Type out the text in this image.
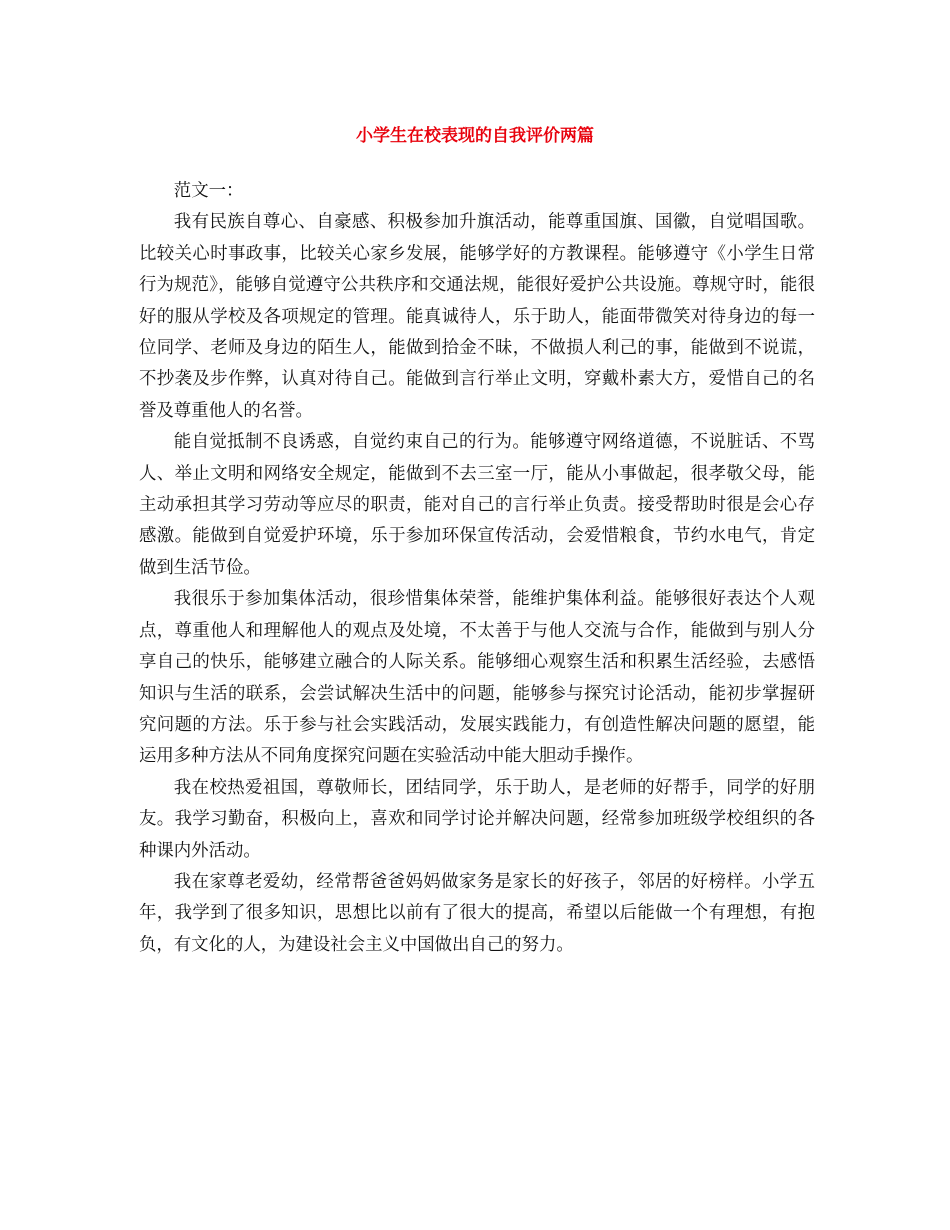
小学生在校表现的自我评价两篇

范文一：

我有民族自尊心、自豪感、积极参加升旗活动，能尊重国旗、国徽，自觉唱国歌。比较关心时事政事，比较关心家乡发展，能够学好的方教课程。能够遵守《小学生日常行为规范》，能够自觉遵守公共秩序和交通法规，能很好爱护公共设施。尊规守时，能很好的服从学校及各项规定的管理。能真诚待人，乐于助人，能面带微笑对待身边的每一位同学、老师及身边的陌生人，能做到拾金不昧，不做损人利己的事，能做到不说谎，不抄袭及步作弊，认真对待自己。能做到言行举止文明，穿戴朴素大方，爱惜自己的名誉及尊重他人的名誉。

能自觉抵制不良诱惑，自觉约束自己的行为。能够遵守网络道德，不说脏话、不骂人、举止文明和网络安全规定，能做到不去三室一厅，能从小事做起，很孝敬父母，能主动承担其学习劳动等应尽的职责，能对自己的言行举止负责。接受帮助时很是会心存感激。能做到自觉爱护环境，乐于参加环保宣传活动，会爱惜粮食，节约水电气，肯定做到生活节俭。

我很乐于参加集体活动，很珍惜集体荣誉，能维护集体利益。能够很好表达个人观点，尊重他人和理解他人的观点及处境，不太善于与他人交流与合作，能做到与别人分享自己的快乐，能够建立融合的人际关系。能够细心观察生活和积累生活经验，去感悟知识与生活的联系，会尝试解决生活中的问题，能够参与探究讨论活动，能初步掌握研究问题的方法。乐于参与社会实践活动，发展实践能力，有创造性解决问题的愿望，能运用多种方法从不同角度探究问题在实验活动中能大胆动手操作。

我在校热爱祖国，尊敬师长，团结同学，乐于助人，是老师的好帮手，同学的好朋友。我学习勤奋，积极向上，喜欢和同学讨论并解决问题，经常参加班级学校组织的各种课内外活动。

我在家尊老爱幼，经常帮爸爸妈妈做家务是家长的好孩子，邻居的好榜样。小学五年，我学到了很多知识，思想比以前有了很大的提高，希望以后能做一个有理想，有抱负，有文化的人，为建设社会主义中国做出自己的努力。
